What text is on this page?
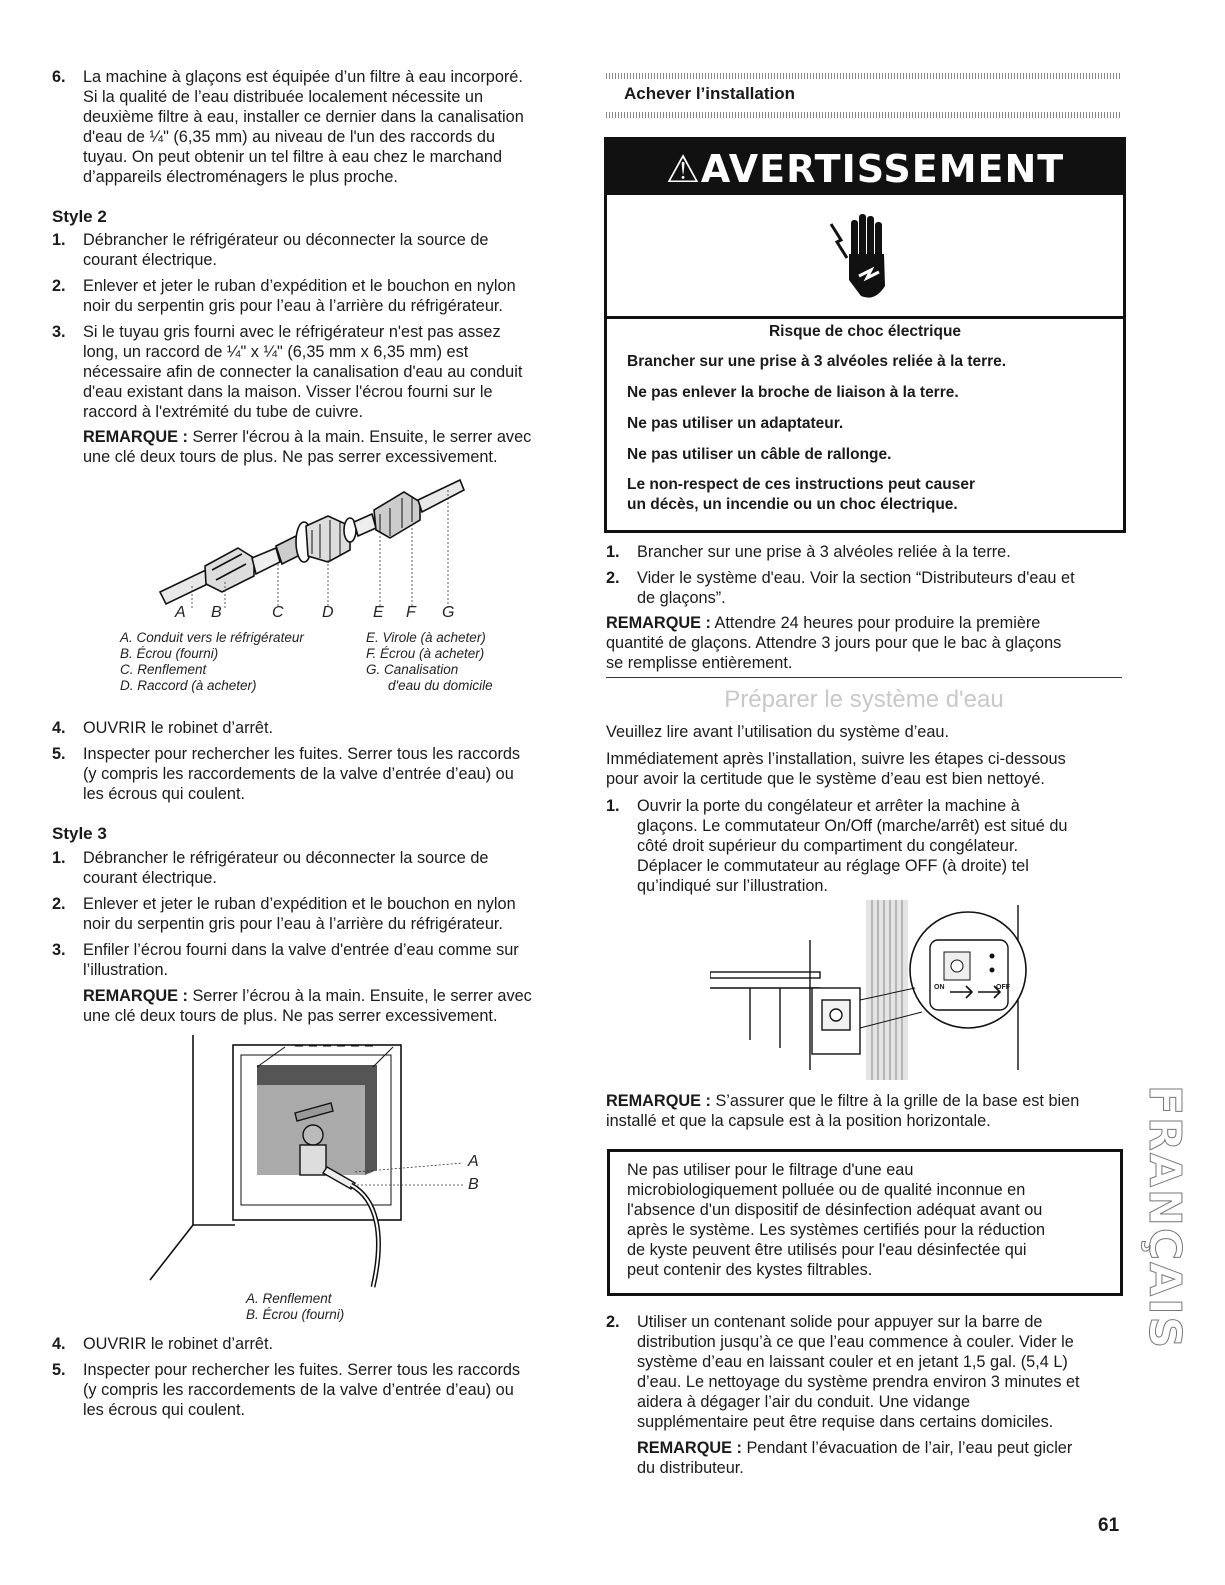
6. La machine à glaçons est équipée d’un filtre à eau incorporé.

Si la qualité de l’eau distribuée localement nécessite un

deuxième filtre à eau, installer ce dernier dans la canalisation

d'eau de ¼" (6,35 mm) au niveau de l'un des raccords du

tuyau. On peut obtenir un tel filtre à eau chez le marchand

d’appareils électroménagers le plus proche.

Style 2
1. Débrancher le réfrigérateur ou déconnecter la source de

courant électrique.

2. Enlever et jeter le ruban d’expédition et le bouchon en nylon

noir du serpentin gris pour l’eau à l’arrière du réfrigérateur.

3. Si le tuyau gris fourni avec le réfrigérateur n'est pas assez

long, un raccord de ¼" x ¼" (6,35 mm x 6,35 mm) est

nécessaire afin de connecter la canalisation d'eau au conduit

d'eau existant dans la maison. Visser l'écrou fourni sur le

raccord à l'extrémité du tube de cuivre.

REMARQUE : Serrer l'écrou à la main. Ensuite, le serrer avec

une clé deux tours de plus. Ne pas serrer excessivement.

A B	C D E F G

A. Conduit vers le réfrigérateur

B. Écrou (fourni)

C. Renflement

D. Raccord (à acheter)

E. Virole (à acheter)

F. Écrou (à acheter)

G. Canalisation

d'eau du domicile

4. OUVRIR le robinet d’arrêt.

5. Inspecter pour rechercher les fuites. Serrer tous les raccords

(y compris les raccordements de la valve d’entrée d’eau) ou

les écrous qui coulent.

Style 3
1. Débrancher le réfrigérateur ou déconnecter la source de

courant électrique.

2. Enlever et jeter le ruban d’expédition et le bouchon en nylon

noir du serpentin gris pour l’eau à l’arrière du réfrigérateur.

3. Enfiler l’écrou fourni dans la valve d'entrée d’eau comme sur

l’illustration.

REMARQUE : Serrer l’écrou à la main. Ensuite, le serrer avec

une clé deux tours de plus. Ne pas serrer excessivement.

A
B

A. Renflement

B. Écrou (fourni)

4. OUVRIR le robinet d’arrêt.

5. Inspecter pour rechercher les fuites. Serrer tous les raccords

(y compris les raccordements de la valve d’entrée d’eau) ou

les écrous qui coulent.

Achever l’installation
⚠AVERTISSEMENT
Risque de choc électrique
Brancher sur une prise à 3 alvéoles reliée à la terre.
Ne pas enlever la broche de liaison à la terre.
Ne pas utiliser un adaptateur.
Ne pas utiliser un câble de rallonge.

Le non-respect de ces instructions peut causer

un décès, un incendie ou un choc électrique.

1. Brancher sur une prise à 3 alvéoles reliée à la terre.

2. Vider le système d'eau. Voir la section “Distributeurs d'eau et

de glaçons”.

REMARQUE : Attendre 24 heures pour produire la première

quantité de glaçons. Attendre 3 jours pour que le bac à glaçons

se remplisse entièrement.

Préparer le système d'eau

Veuillez lire avant l’utilisation du système d’eau.

Immédiatement après l’installation, suivre les étapes ci-dessous

pour avoir la certitude que le système d’eau est bien nettoyé.

1. Ouvrir la porte du congélateur et arrêter la machine à

glaçons. Le commutateur On/Off (marche/arrêt) est situé du

côté droit supérieur du compartiment du congélateur.

Déplacer le commutateur au réglage OFF (à droite) tel

qu’indiqué sur l’illustration.

ON	OFF

REMARQUE : S’assurer que le filtre à la grille de la base est bien

installé et que la capsule est à la position horizontale.

Ne pas utiliser pour le filtrage d'une eau

microbiologiquement polluée ou de qualité inconnue en

l'absence d'un dispositif de désinfection adéquat avant ou

après le système. Les systèmes certifiés pour la réduction

de kyste peuvent être utilisés pour l'eau désinfectée qui

peut contenir des kystes filtrables.

2. Utiliser un contenant solide pour appuyer sur la barre de

distribution jusqu’à ce que l’eau commence à couler. Vider le

système d’eau en laissant couler et en jetant 1,5 gal. (5,4 L)

d’eau. Le nettoyage du système prendra environ 3 minutes et

aidera à dégager l’air du conduit. Une vidange

supplémentaire peut être requise dans certains domiciles.

REMARQUE : Pendant l’évacuation de l’air, l’eau peut gicler

du distributeur.

FRANÇAIS
61
